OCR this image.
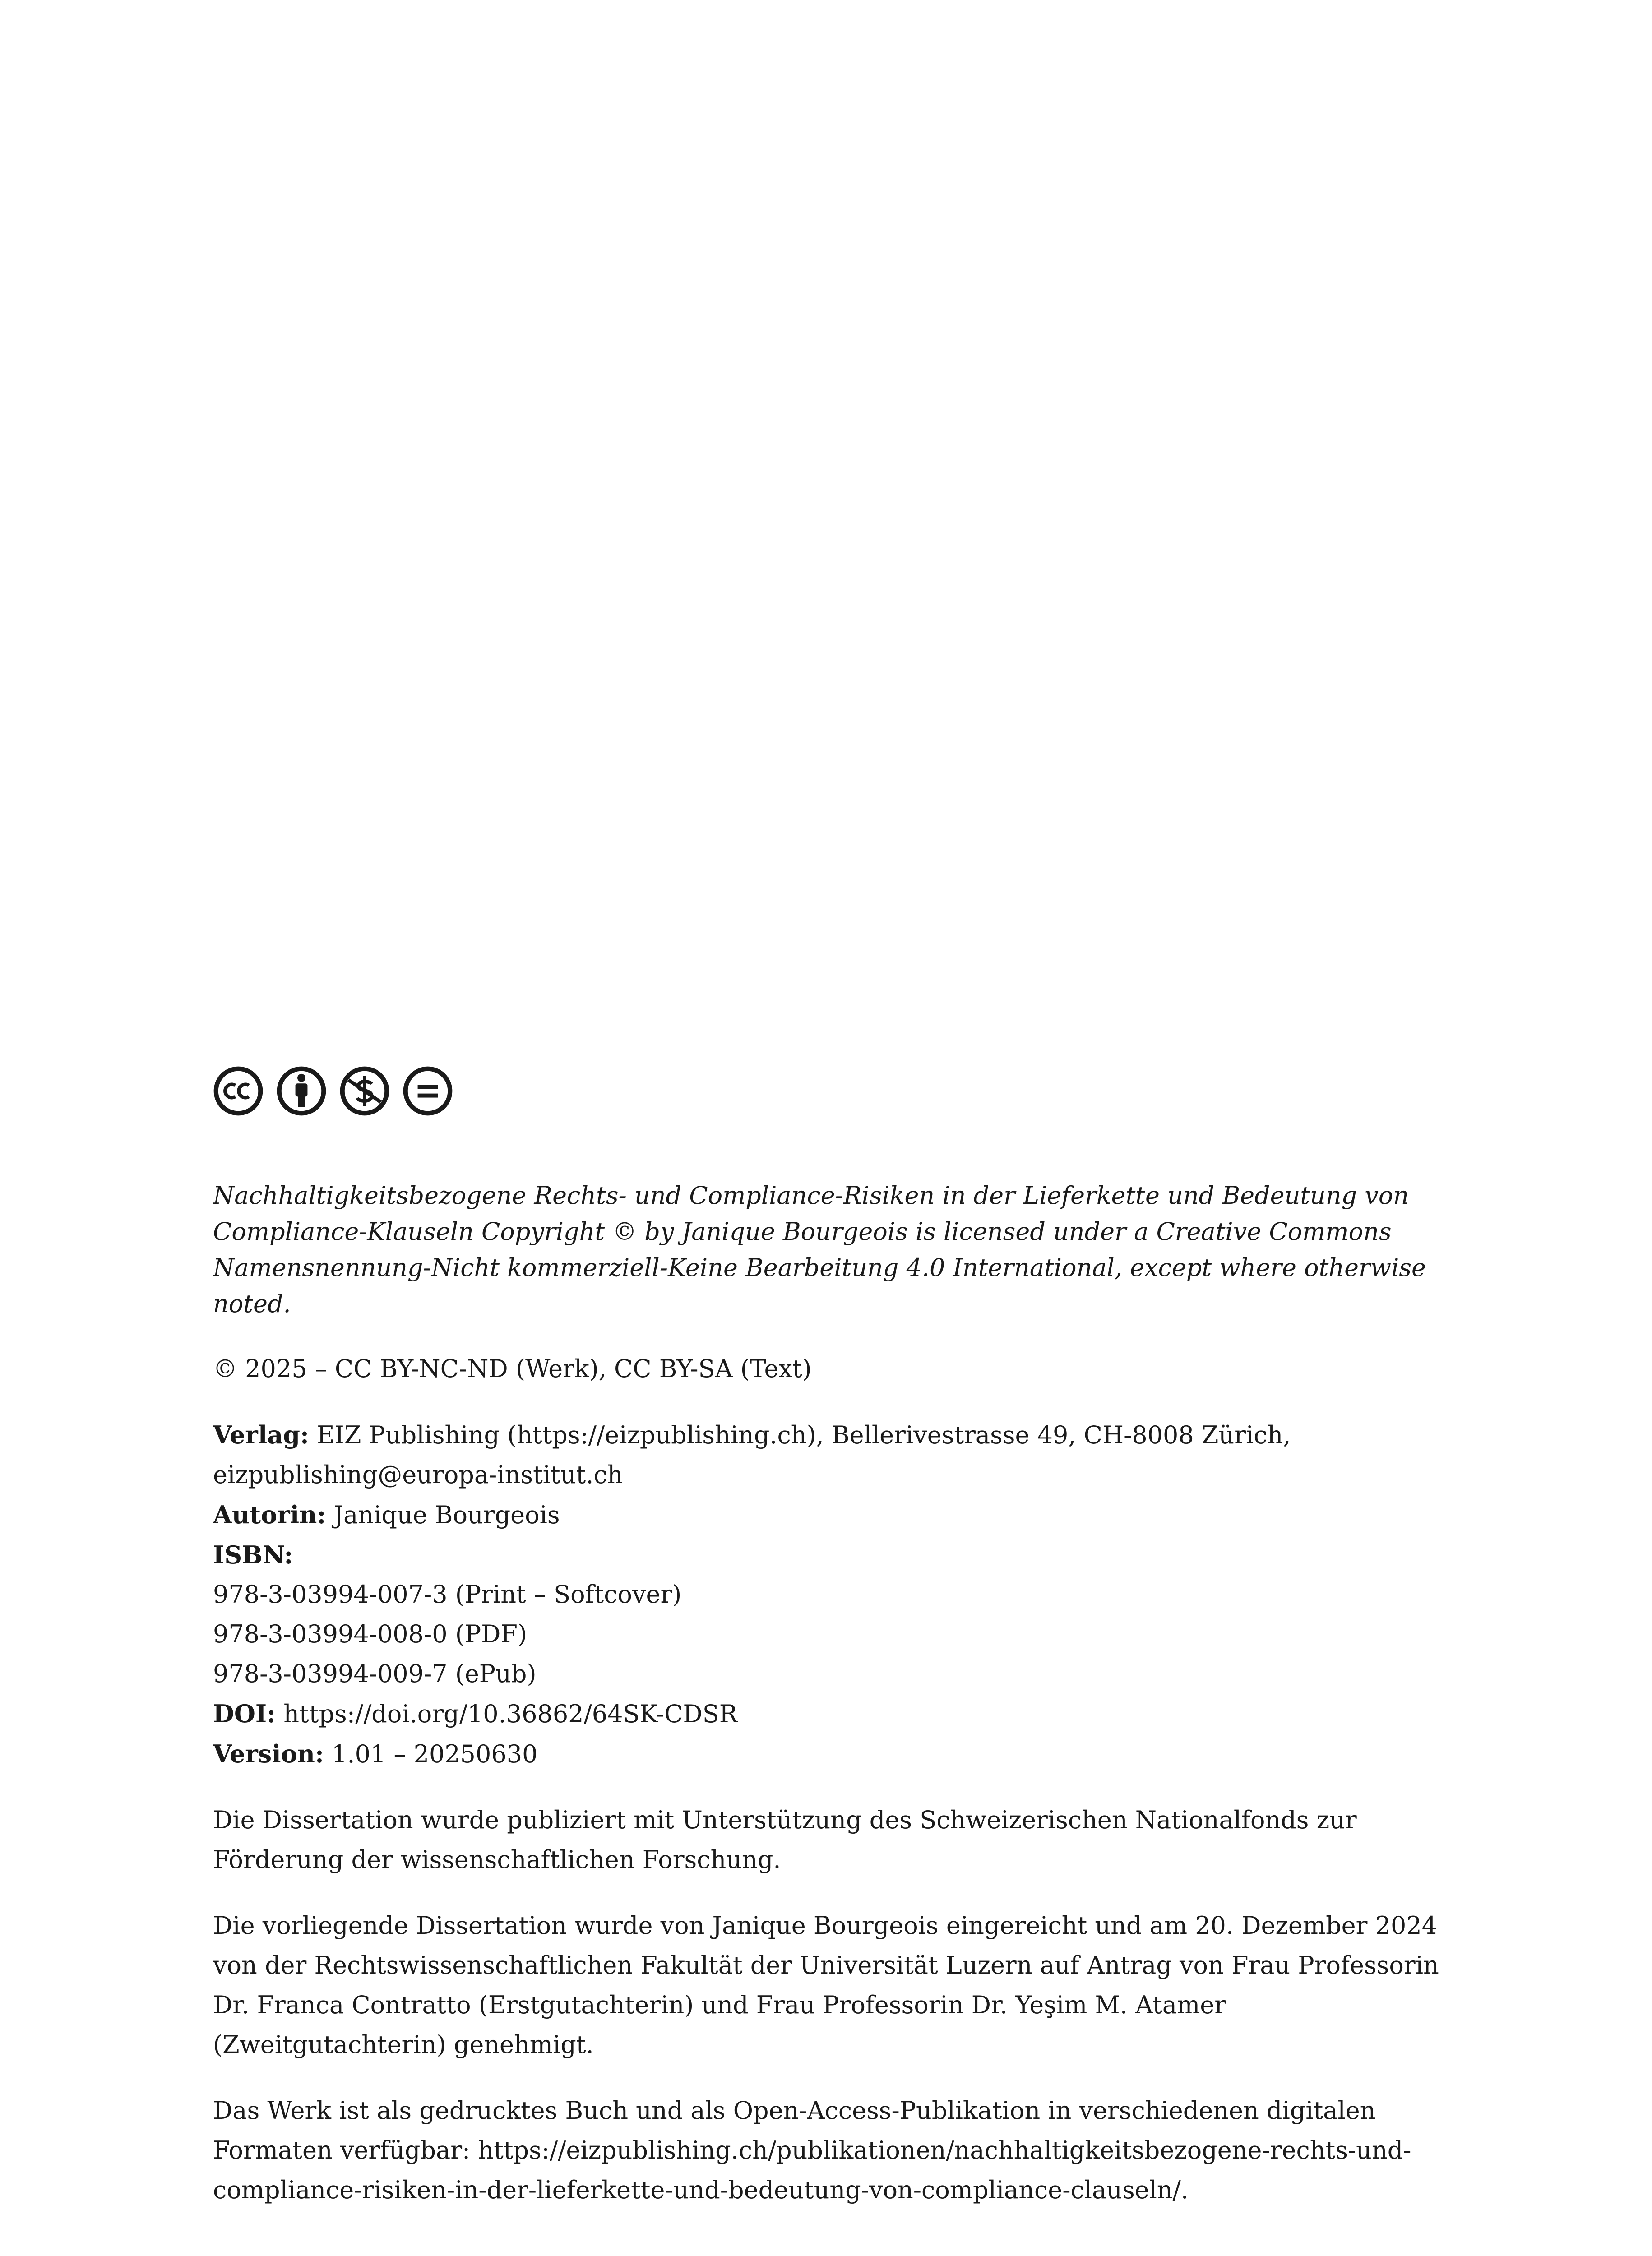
Nachhaltigkeitsbezogene Rechts- und Compliance-Risiken in der Lieferkette und Bedeutung von Compliance-Klauseln Copyright © by Janique Bourgeois is licensed under a Creative Commons Namensnennung-Nicht kommerziell-Keine Bearbeitung 4.0 International, except where otherwise noted.

© 2025 – CC BY-NC-ND (Werk), CC BY-SA (Text)

Verlag: EIZ Publishing (https://eizpublishing.ch), Bellerivestrasse 49, CH-8008 Zürich,
eizpublishing@europa-institut.ch
Autorin: Janique Bourgeois
ISBN:
978-3-03994-007-3 (Print – Softcover)
978-3-03994-008-0 (PDF)
978-3-03994-009-7 (ePub)
DOI: https://doi.org/10.36862/64SK-CDSR
Version: 1.01 – 20250630

Die Dissertation wurde publiziert mit Unterstützung des Schweizerischen Nationalfonds zur Förderung der wissenschaftlichen Forschung.

Die vorliegende Dissertation wurde von Janique Bourgeois eingereicht und am 20. Dezember 2024 von der Rechtswissenschaftlichen Fakultät der Universität Luzern auf Antrag von Frau Professorin Dr. Franca Contratto (Erstgutachterin) und Frau Professorin Dr. Yeşim M. Atamer (Zweitgutachterin) genehmigt.

Das Werk ist als gedrucktes Buch und als Open-Access-Publikation in verschiedenen digitalen Formaten verfügbar: https://eizpublishing.ch/publikationen/nachhaltigkeitsbezogene-rechts-und-compliance-risiken-in-der-lieferkette-und-bedeutung-von-compliance-clauseln/.
